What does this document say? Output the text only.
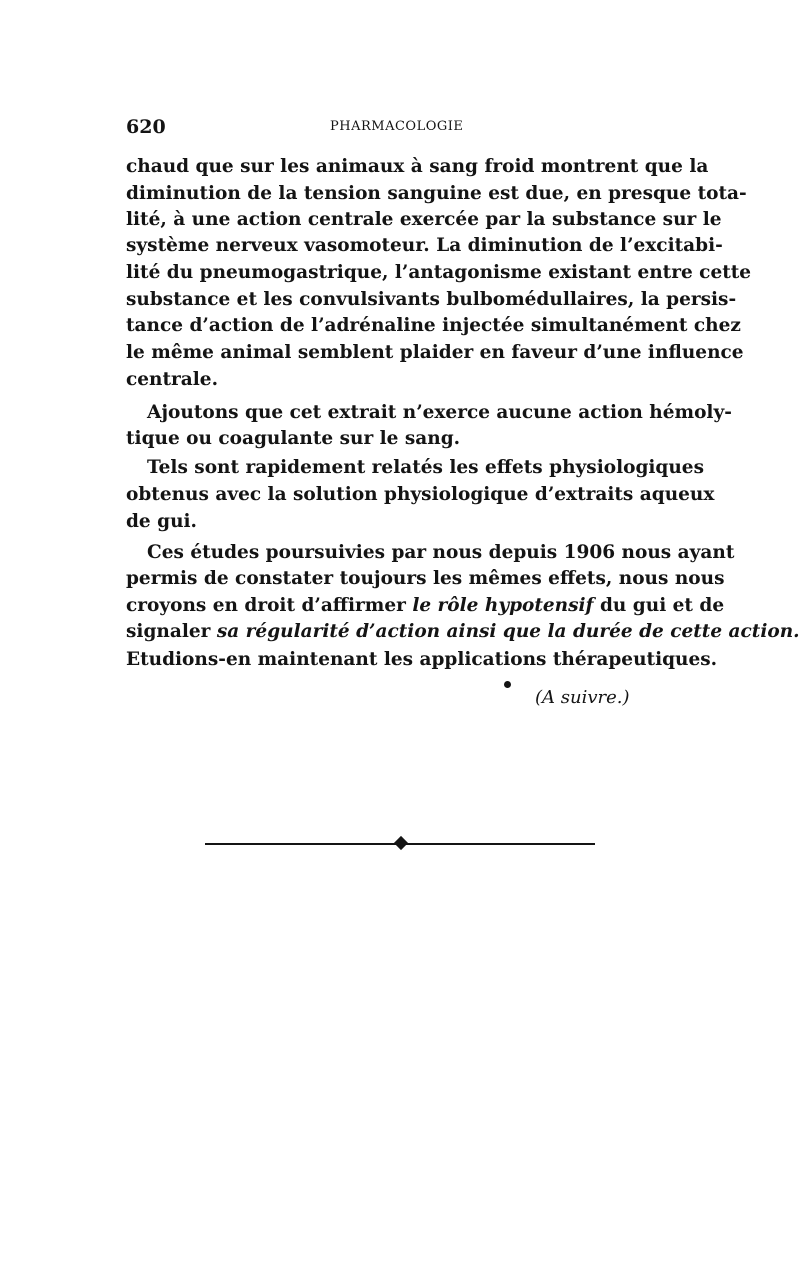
620	PHARMACOLOGIE
chaud que sur les animaux à sang froid montrent que la
diminution de la tension sanguine est due, en presque tota-
lité, à une action centrale exercée par la substance sur le
système nerveux vasomoteur. La diminution de l’excitabi-
lité du pneumogastrique, l’antagonisme existant entre cette
substance et les convulsivants bulbomédullaires, la persis-
tance d’action de l’adrénaline injectée simultanément chez
le même animal semblent plaider en faveur d’une influence
centrale.
Ajoutons que cet extrait n’exerce aucune action hémoly-
tique ou coagulante sur le sang.
Tels sont rapidement relatés les effets physiologiques
obtenus avec la solution physiologique d’extraits aqueux
de gui.
Ces études poursuivies par nous depuis 1906 nous ayant
permis de constater toujours les mêmes effets, nous nous
croyons en droit d’affirmer le rôle hypotensif du gui et de
signaler sa régularité d’action ainsi que la durée de cette action.
Etudions-en maintenant les applications thérapeutiques.
(A suivre.)
